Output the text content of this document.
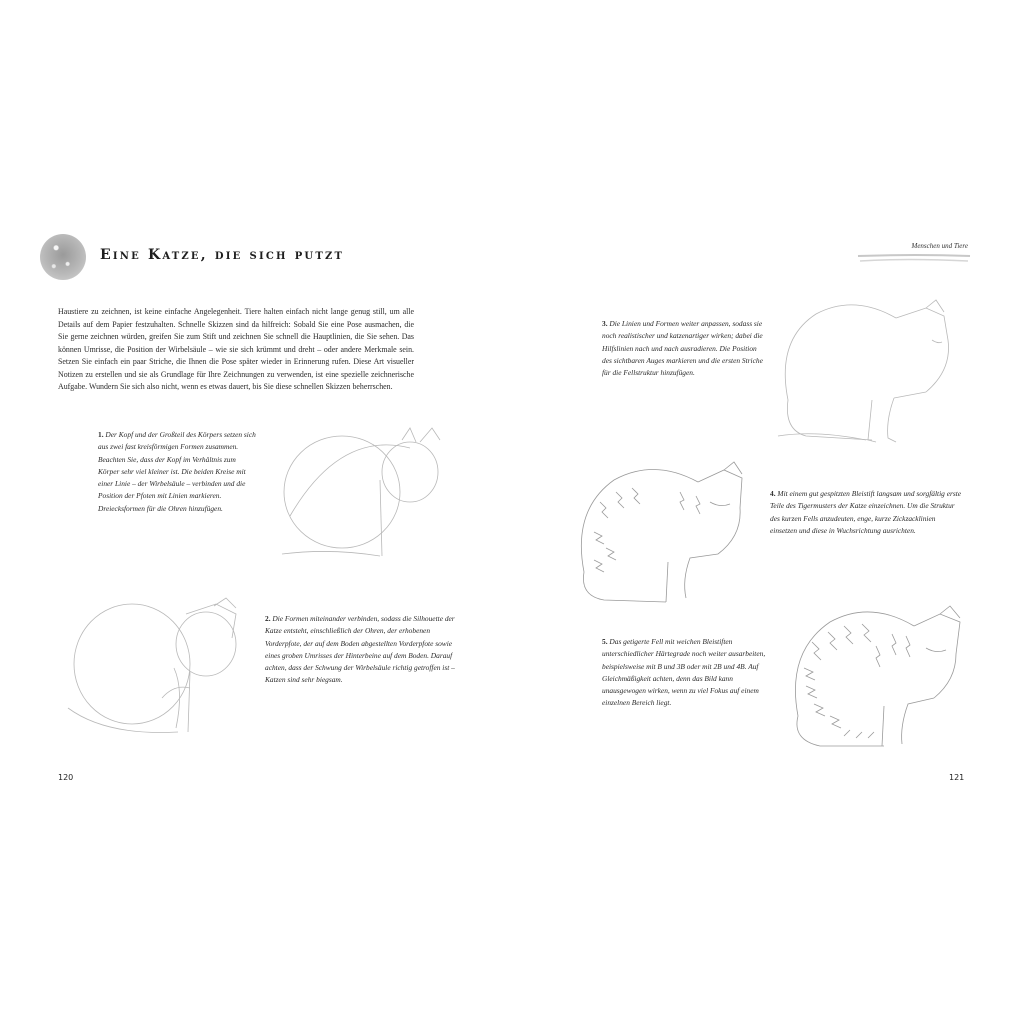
Eine Katze, die sich putzt
Menschen und Tiere
Haustiere zu zeichnen, ist keine einfache Angelegenheit. Tiere halten einfach nicht lange genug still, um alle Details auf dem Papier festzuhalten. Schnelle Skizzen sind da hilfreich: Sobald Sie eine Pose ausmachen, die Sie gerne zeichnen würden, greifen Sie zum Stift und zeichnen Sie schnell die Hauptlinien, die Sie sehen. Das können Umrisse, die Position der Wirbelsäule – wie sie sich krümmt und dreht – oder andere Merkmale sein. Setzen Sie einfach ein paar Striche, die Ihnen die Pose später wieder in Erinnerung rufen. Diese Art visueller Notizen zu erstellen und sie als Grundlage für Ihre Zeichnungen zu verwenden, ist eine spezielle zeichnerische Aufgabe. Wundern Sie sich also nicht, wenn es etwas dauert, bis Sie diese schnellen Skizzen beherrschen.
1. Der Kopf und der Großteil des Körpers setzen sich aus zwei fast kreisförmigen Formen zusammen. Beachten Sie, dass der Kopf im Verhältnis zum Körper sehr viel kleiner ist. Die beiden Kreise mit einer Linie – der Wirbelsäule – verbinden und die Position der Pfoten mit Linien markieren. Dreiecksformen für die Ohren hinzufügen.
2. Die Formen miteinander verbinden, sodass die Silhouette der Katze entsteht, einschließlich der Ohren, der erhobenen Vorderpfote, der auf dem Boden abgestellten Vorderpfote sowie eines groben Umrisses der Hinterbeine auf dem Boden. Darauf achten, dass der Schwung der Wirbelsäule richtig getroffen ist – Katzen sind sehr biegsam.
3. Die Linien und Formen weiter anpassen, sodass sie noch realistischer und katzenartiger wirken; dabei die Hilfslinien nach und nach ausradieren. Die Position des sichtbaren Auges markieren und die ersten Striche für die Fellstruktur hinzufügen.
4. Mit einem gut gespitzten Bleistift langsam und sorgfältig erste Teile des Tigermusters der Katze einzeichnen. Um die Struktur des kurzen Fells anzudeuten, enge, kurze Zickzacklinien einsetzen und diese in Wuchsrichtung ausrichten.
5. Das getigerte Fell mit weichen Bleistiften unterschiedlicher Härtegrade noch weiter ausarbeiten, beispielsweise mit B und 3B oder mit 2B und 4B. Auf Gleichmäßigkeit achten, denn das Bild kann unausgewogen wirken, wenn zu viel Fokus auf einem einzelnen Bereich liegt.
120	121
